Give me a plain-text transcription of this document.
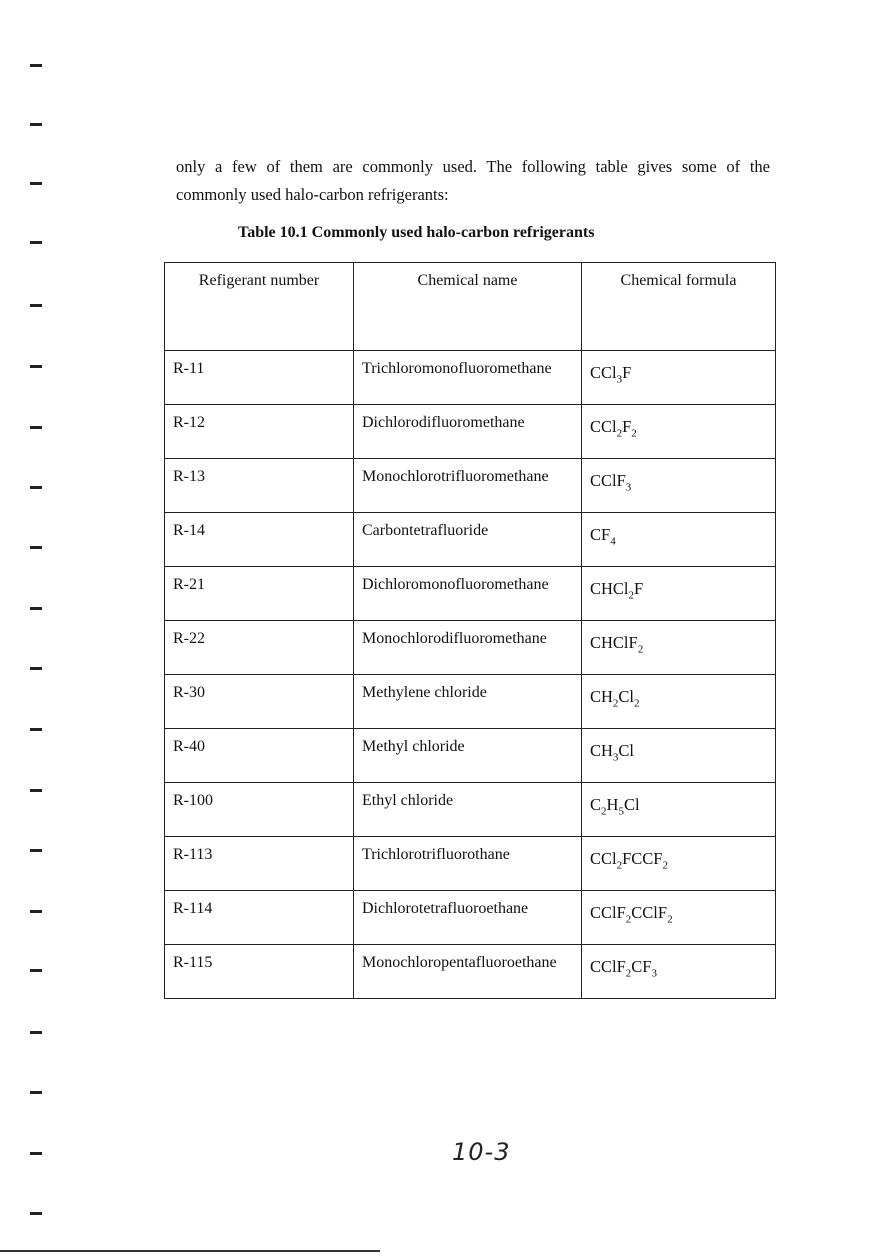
only a few of them are commonly used. The following table gives some of the
commonly used halo-carbon refrigerants:
Table 10.1 Commonly used halo-carbon refrigerants
Refigerant number	Chemical name	Chemical formula
R-11	Trichloromonofluoromethane	CCl$_3$F
R-12	Dichlorodifluoromethane	$CCl_2F_2$
R-13	Monochlorotrifluoromethane	CClF$_3$
R-14	Carbontetrafluoride	$CF_4$
R-21	Dichloromonofluoromethane	CHCl$_2$F
R-22	Monochlorodifluoromethane	CHClF$_2$
R-30	Methylene chloride	$CH_2Cl_2$
R-40	Methyl chloride	$CH_3Cl$
R-100	Ethyl chloride	$C_2H_5Cl$
R-113	Trichlorotrifluorothane	$CCl_2FCCF_2$
R-114	Dichlorotetrafluoroethane	CClF$_2$CClF$_2$
R-115	Monochloropentafluoroethane	$CClF_2CF_3$
10-3
